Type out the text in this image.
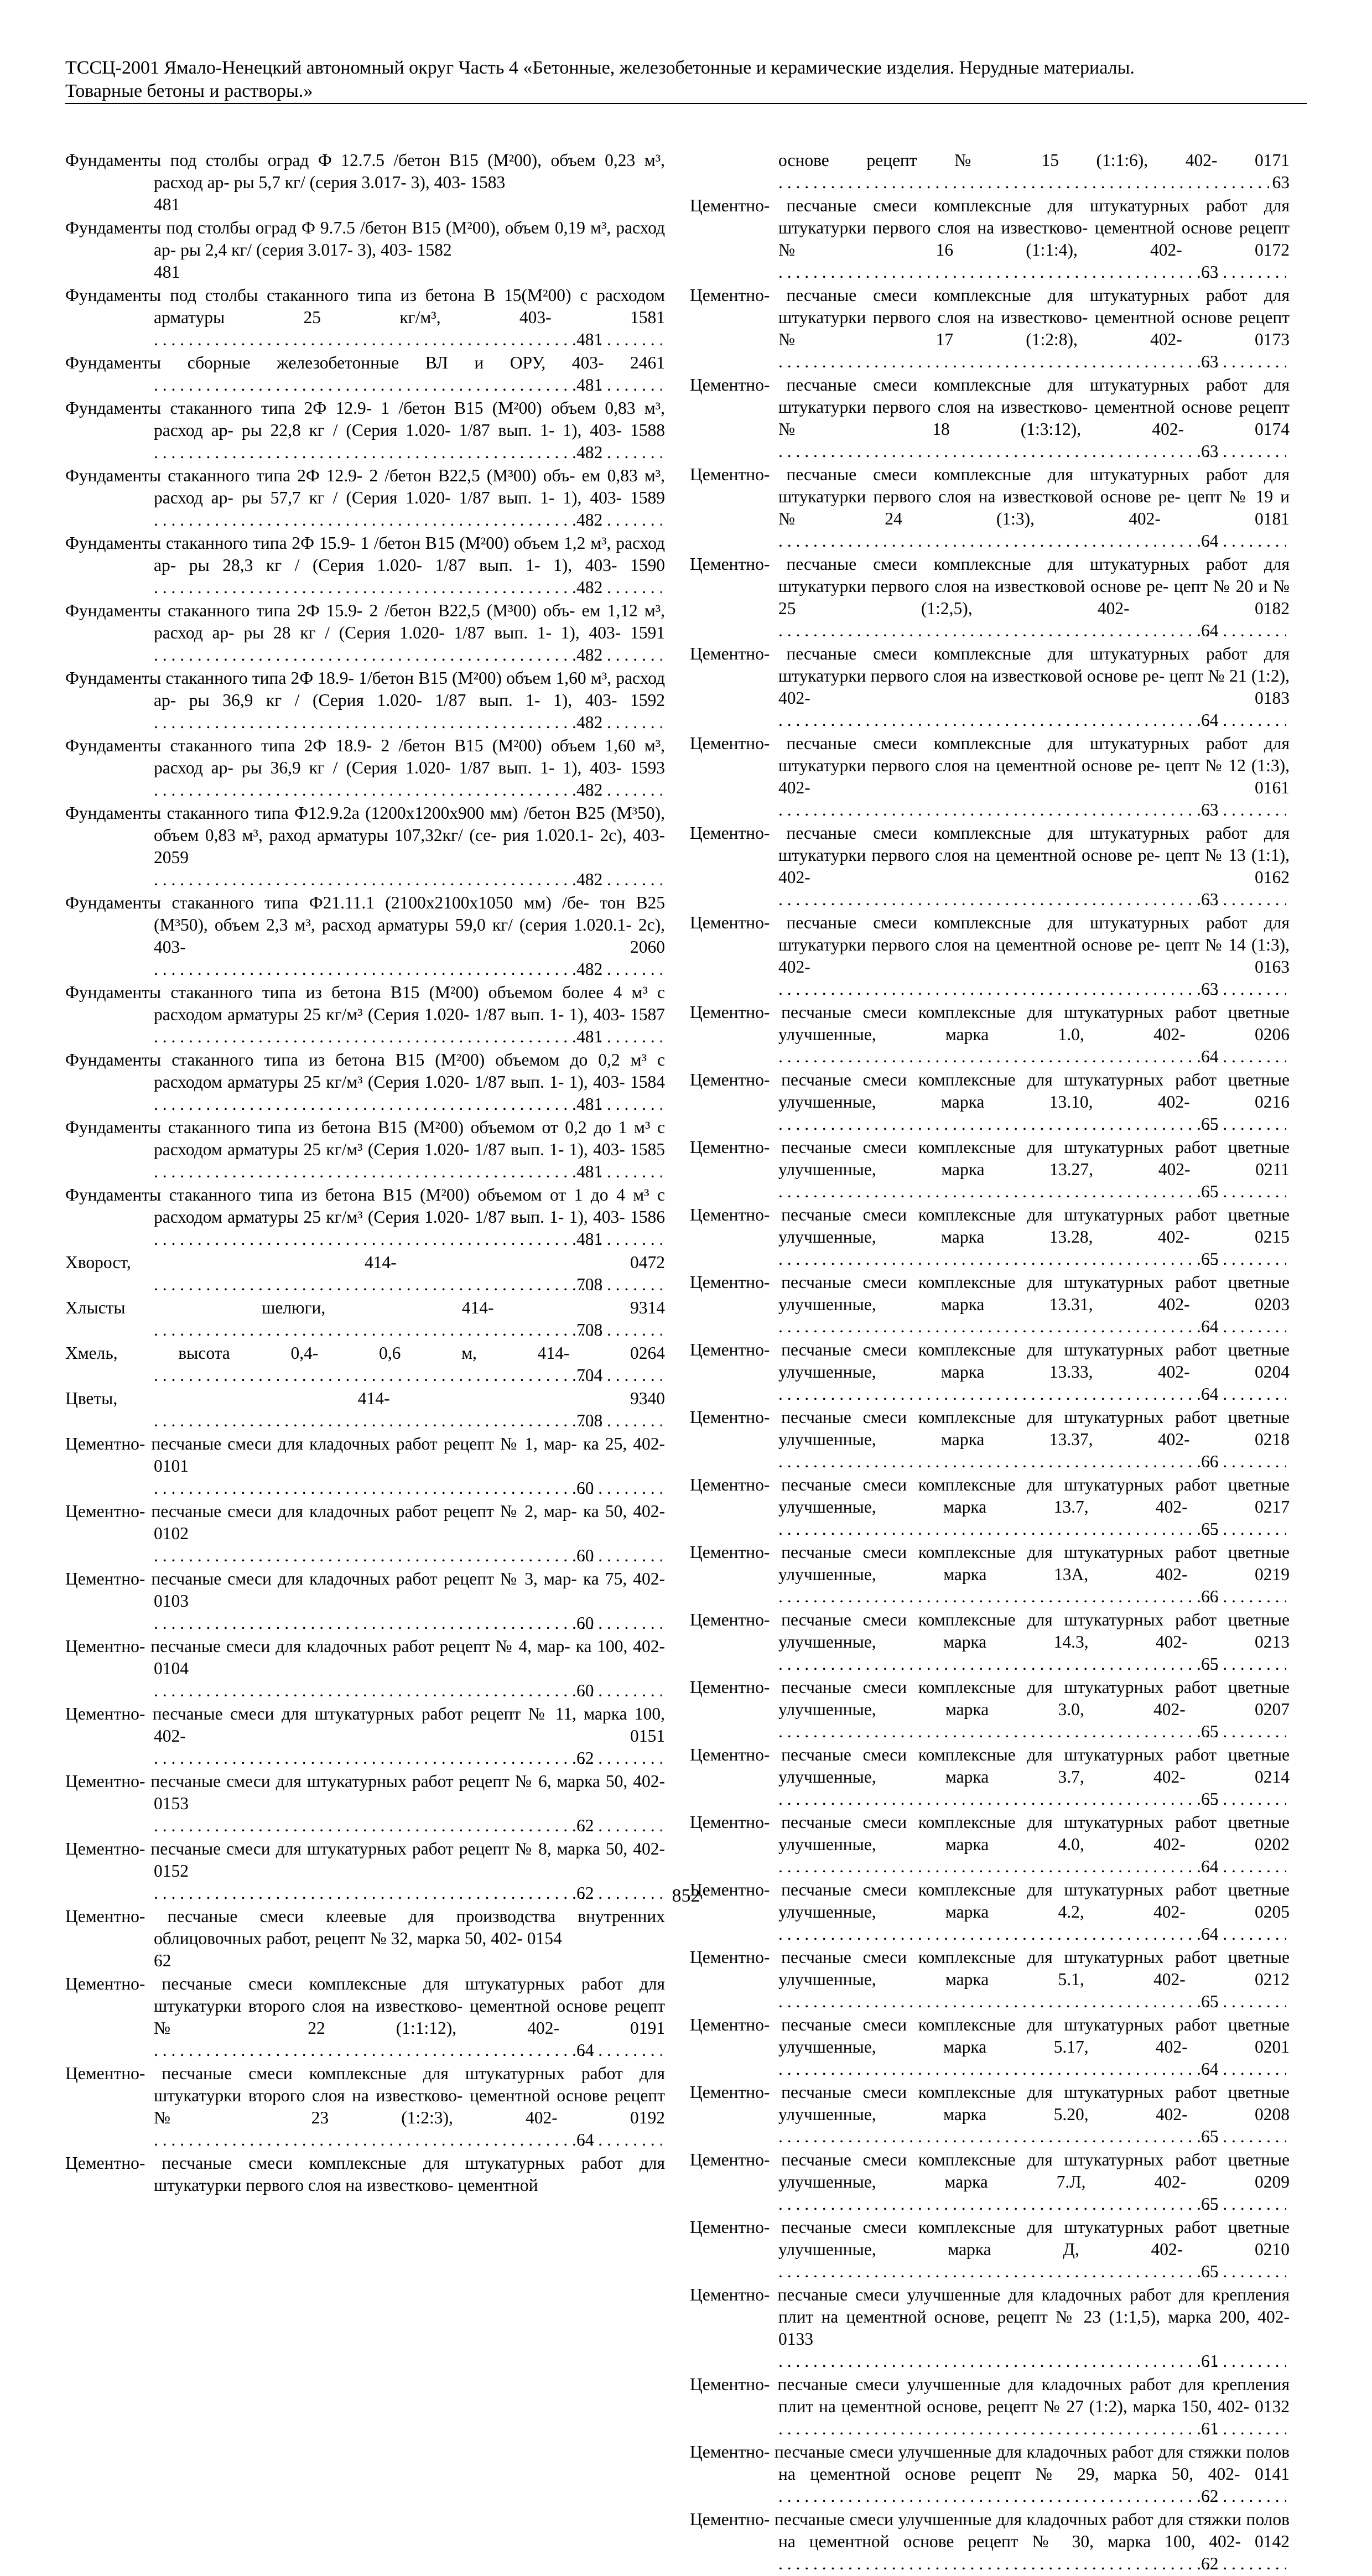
ТССЦ-2001 Ямало-Ненецкий автономный округ Часть 4 «Бетонные, железобетонные и керамические изделия. Нерудные материалы.
Товарные бетоны и растворы.»

Фундаменты под столбы оград Ф 12.7.5 /бетон В15 (М²00), объем 0,23 м³, расход ар- ры 5,7 кг/ (серия 3.017- 3), 403- 1583
481

Фундаменты под столбы оград Ф 9.7.5 /бетон В15 (М²00), объем 0,19 м³, расход ар- ры 2,4 кг/ (серия 3.017- 3), 403- 1582
481

Фундаменты под столбы стаканного типа из бетона В 15(М²00) с расходом арматуры 25 кг/м³, 403- 1581 . . .
481

Фундаменты сборные железобетонные ВЛ и ОРУ, 403- 2461 . . .
481

Фундаменты стаканного типа 2Ф 12.9- 1 /бетон В15 (М²00) объем 0,83 м³, расход ар- ры 22,8 кг / (Серия 1.020- 1/87 вып. 1- 1), 403- 1588 . . .
482

Фундаменты стаканного типа 2Ф 12.9- 2 /бетон В22,5 (М³00) объ- ем 0,83 м³, расход ар- ры 57,7 кг / (Серия 1.020- 1/87 вып. 1- 1), 403- 1589 . . .
482

Фундаменты стаканного типа 2Ф 15.9- 1 /бетон В15 (М²00) объем 1,2 м³, расход ар- ры 28,3 кг / (Серия 1.020- 1/87 вып. 1- 1), 403- 1590 . . .
482

Фундаменты стаканного типа 2Ф 15.9- 2 /бетон В22,5 (М³00) объ- ем 1,12 м³, расход ар- ры 28 кг / (Серия 1.020- 1/87 вып. 1- 1), 403- 1591 . . .
482

Фундаменты стаканного типа 2Ф 18.9- 1/бетон В15 (М²00) объем 1,60 м³, расход ар- ры 36,9 кг / (Серия 1.020- 1/87 вып. 1- 1), 403- 1592 . . .
482

Фундаменты стаканного типа 2Ф 18.9- 2 /бетон В15 (М²00) объем 1,60 м³, расход ар- ры 36,9 кг / (Серия 1.020- 1/87 вып. 1- 1), 403- 1593 . . .
482

Фундаменты стаканного типа Ф12.9.2а (1200х1200х900 мм) /бетон В25 (М³50), объем 0,83 м³, раход арматуры 107,32кг/ (се- рия 1.020.1- 2с), 403- 2059 . . .
482

Фундаменты стаканного типа Ф21.11.1 (2100х2100х1050 мм) /бе- тон В25 (М³50), объем 2,3 м³, расход арматуры 59,0 кг/ (серия 1.020.1- 2с), 403- 2060 . . .
482

Фундаменты стаканного типа из бетона В15 (М²00) объемом более 4 м³ с расходом арматуры 25 кг/м³ (Серия 1.020- 1/87 вып. 1- 1), 403- 1587 . . .
481

Фундаменты стаканного типа из бетона В15 (М²00) объемом до 0,2 м³ с расходом арматуры 25 кг/м³ (Серия 1.020- 1/87 вып. 1- 1), 403- 1584 . . .
481

Фундаменты стаканного типа из бетона В15 (М²00) объемом от 0,2 до 1 м³ с расходом арматуры 25 кг/м³ (Серия 1.020- 1/87 вып. 1- 1), 403- 1585 . . .
481

Фундаменты стаканного типа из бетона В15 (М²00) объемом от 1 до 4 м³ с расходом арматуры 25 кг/м³ (Серия 1.020- 1/87 вып. 1- 1), 403- 1586 . . .
481

Хворост, 414- 0472 . . .
708

Хлысты шелюги, 414- 9314 . . .
708

Хмель, высота 0,4- 0,6 м, 414- 0264 . . .
704

Цветы, 414- 9340 . . .
708

Цементно- песчаные смеси для кладочных работ рецепт № 1, мар- ка 25, 402- 0101 . . .
60

Цементно- песчаные смеси для кладочных работ рецепт № 2, мар- ка 50, 402- 0102 . . .
60

Цементно- песчаные смеси для кладочных работ рецепт № 3, мар- ка 75, 402- 0103 . . .
60

Цементно- песчаные смеси для кладочных работ рецепт № 4, мар- ка 100, 402- 0104 . . .
60

Цементно- песчаные смеси для штукатурных работ рецепт № 11, марка 100, 402- 0151 . . .
62

Цементно- песчаные смеси для штукатурных работ рецепт № 6, марка 50, 402- 0153 . . .
62

Цементно- песчаные смеси для штукатурных работ рецепт № 8, марка 50, 402- 0152 . . .
62

Цементно- песчаные смеси клеевые для производства внутренних облицовочных работ, рецепт № 32, марка 50, 402- 0154
62

Цементно- песчаные смеси комплексные для штукатурных работ для штукатурки второго слоя на известково- цементной основе рецепт № 22 (1:1:12), 402- 0191 . . .
64

Цементно- песчаные смеси комплексные для штукатурных работ для штукатурки второго слоя на известково- цементной основе рецепт № 23 (1:2:3), 402- 0192 . . .
64

Цементно- песчаные смеси комплексные для штукатурных работ для штукатурки первого слоя на известково- цементной

основе рецепт № 15 (1:1:6), 402- 0171 . . .
63

Цементно- песчаные смеси комплексные для штукатурных работ для штукатурки первого слоя на известково- цементной основе рецепт № 16 (1:1:4), 402- 0172 . . .
63

Цементно- песчаные смеси комплексные для штукатурных работ для штукатурки первого слоя на известково- цементной основе рецепт № 17 (1:2:8), 402- 0173 . . .
63

Цементно- песчаные смеси комплексные для штукатурных работ для штукатурки первого слоя на известково- цементной основе рецепт № 18 (1:3:12), 402- 0174 . . .
63

Цементно- песчаные смеси комплексные для штукатурных работ для штукатурки первого слоя на известковой основе ре- цепт № 19 и №24 (1:3), 402- 0181 . . .
64

Цементно- песчаные смеси комплексные для штукатурных работ для штукатурки первого слоя на известковой основе ре- цепт № 20 и № 25 (1:2,5), 402- 0182 . . .
64

Цементно- песчаные смеси комплексные для штукатурных работ для штукатурки первого слоя на известковой основе ре- цепт № 21 (1:2), 402- 0183 . . .
64

Цементно- песчаные смеси комплексные для штукатурных работ для штукатурки первого слоя на цементной основе ре- цепт № 12 (1:3), 402- 0161 . . .
63

Цементно- песчаные смеси комплексные для штукатурных работ для штукатурки первого слоя на цементной основе ре- цепт № 13 (1:1), 402- 0162 . . .
63

Цементно- песчаные смеси комплексные для штукатурных работ для штукатурки первого слоя на цементной основе ре- цепт № 14 (1:3), 402- 0163 . . .
63

Цементно- песчаные смеси комплексные для штукатурных работ цветные улучшенные, марка 1.0, 402- 0206 . . .
64

Цементно- песчаные смеси комплексные для штукатурных работ цветные улучшенные, марка 13.10, 402- 0216 . . .
65

Цементно- песчаные смеси комплексные для штукатурных работ цветные улучшенные, марка 13.27, 402- 0211 . . .
65

Цементно- песчаные смеси комплексные для штукатурных работ цветные улучшенные, марка 13.28, 402- 0215 . . .
65

Цементно- песчаные смеси комплексные для штукатурных работ цветные улучшенные, марка 13.31, 402- 0203 . . .
64

Цементно- песчаные смеси комплексные для штукатурных работ цветные улучшенные, марка 13.33, 402- 0204 . . .
64

Цементно- песчаные смеси комплексные для штукатурных работ цветные улучшенные, марка 13.37, 402- 0218 . . .
66

Цементно- песчаные смеси комплексные для штукатурных работ цветные улучшенные, марка 13.7, 402- 0217 . . .
65

Цементно- песчаные смеси комплексные для штукатурных работ цветные улучшенные, марка 13А, 402- 0219 . . .
66

Цементно- песчаные смеси комплексные для штукатурных работ цветные улучшенные, марка 14.3, 402- 0213 . . .
65

Цементно- песчаные смеси комплексные для штукатурных работ цветные улучшенные, марка 3.0, 402- 0207 . . .
65

Цементно- песчаные смеси комплексные для штукатурных работ цветные улучшенные, марка 3.7, 402- 0214 . . .
65

Цементно- песчаные смеси комплексные для штукатурных работ цветные улучшенные, марка 4.0, 402- 0202 . . .
64

Цементно- песчаные смеси комплексные для штукатурных работ цветные улучшенные, марка 4.2, 402- 0205 . . .
64

Цементно- песчаные смеси комплексные для штукатурных работ цветные улучшенные, марка 5.1, 402- 0212 . . .
65

Цементно- песчаные смеси комплексные для штукатурных работ цветные улучшенные, марка 5.17, 402- 0201 . . .
64

Цементно- песчаные смеси комплексные для штукатурных работ цветные улучшенные, марка 5.20, 402- 0208 . . .
65

Цементно- песчаные смеси комплексные для штукатурных работ цветные улучшенные, марка 7.Л, 402- 0209 . . .
65

Цементно- песчаные смеси комплексные для штукатурных работ цветные улучшенные, марка Д, 402- 0210 . . .
65

Цементно- песчаные смеси улучшенные для кладочных работ для крепления плит на цементной основе, рецепт № 23 (1:1,5), марка 200, 402- 0133 . . .
61

Цементно- песчаные смеси улучшенные для кладочных работ для крепления плит на цементной основе, рецепт № 27 (1:2), марка 150, 402- 0132 . . .
61

Цементно- песчаные смеси улучшенные для кладочных работ для стяжки полов на цементной основе рецепт № 29, марка 50, 402- 0141 . . .
62

Цементно- песчаные смеси улучшенные для кладочных работ для стяжки полов на цементной основе рецепт № 30, марка 100, 402- 0142 . . .
62

852
